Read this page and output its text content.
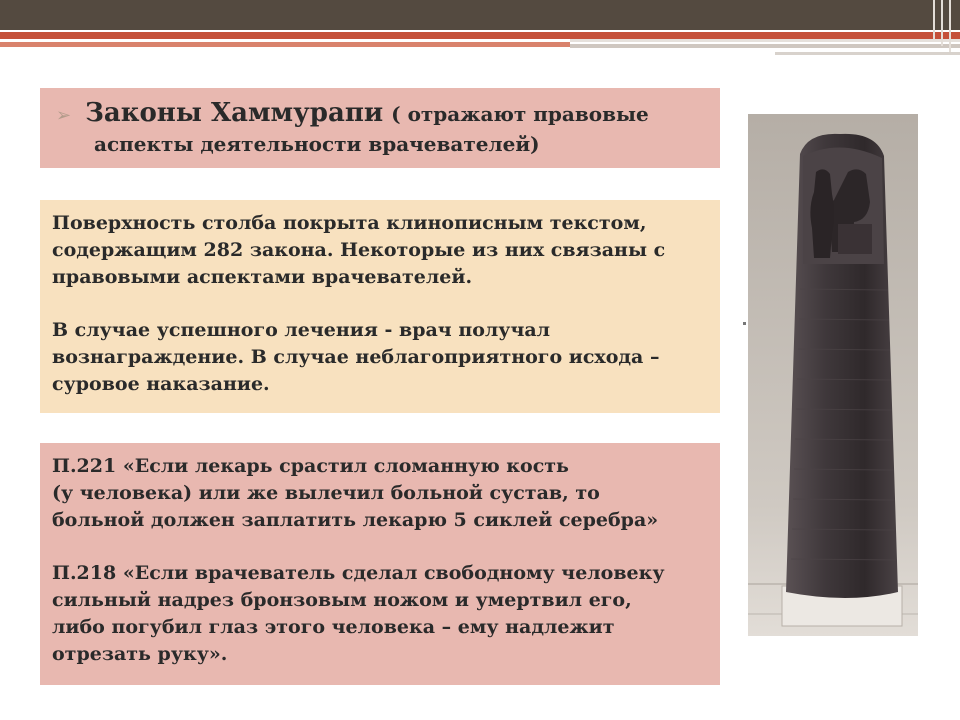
➢ Законы Хаммурапи ( отражают правовые
аспекты деятельности врачевателей)

Поверхность столба покрыта клинописным текстом,
содержащим 282 закона. Некоторые из них связаны с
правовыми аспектами врачевателей.

В случае успешного лечения - врач получал
вознаграждение. В случае неблагоприятного исхода –
суровое наказание.

П.221 «Если лекарь срастил сломанную кость
(у человека) или же вылечил больной сустав, то
больной должен заплатить лекарю 5 сиклей серебра»

П.218 «Если врачеватель сделал свободному человеку
сильный надрез бронзовым ножом и умертвил его,
либо погубил глаз этого человека – ему надлежит
отрезать руку».
